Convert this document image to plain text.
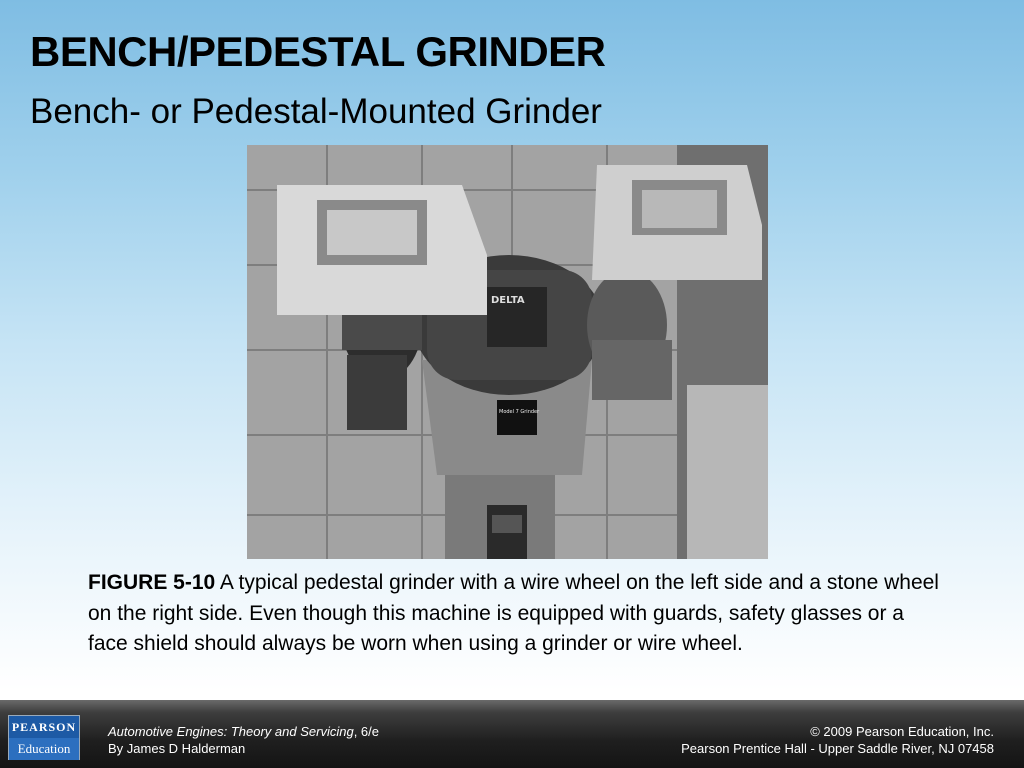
BENCH/PEDESTAL GRINDER
Bench- or Pedestal-Mounted Grinder
Model 7 Grinder
DELTA
FIGURE 5-10 A typical pedestal grinder with a wire wheel on the left side and a stone wheel on the right side. Even though this machine is equipped with guards, safety glasses or a face shield should always be worn when using a grinder or wire wheel.
PEARSON
Education
Automotive Engines: Theory and Servicing, 6/e
By James D Halderman
© 2009 Pearson Education, Inc.
Pearson Prentice Hall - Upper Saddle River, NJ 07458
